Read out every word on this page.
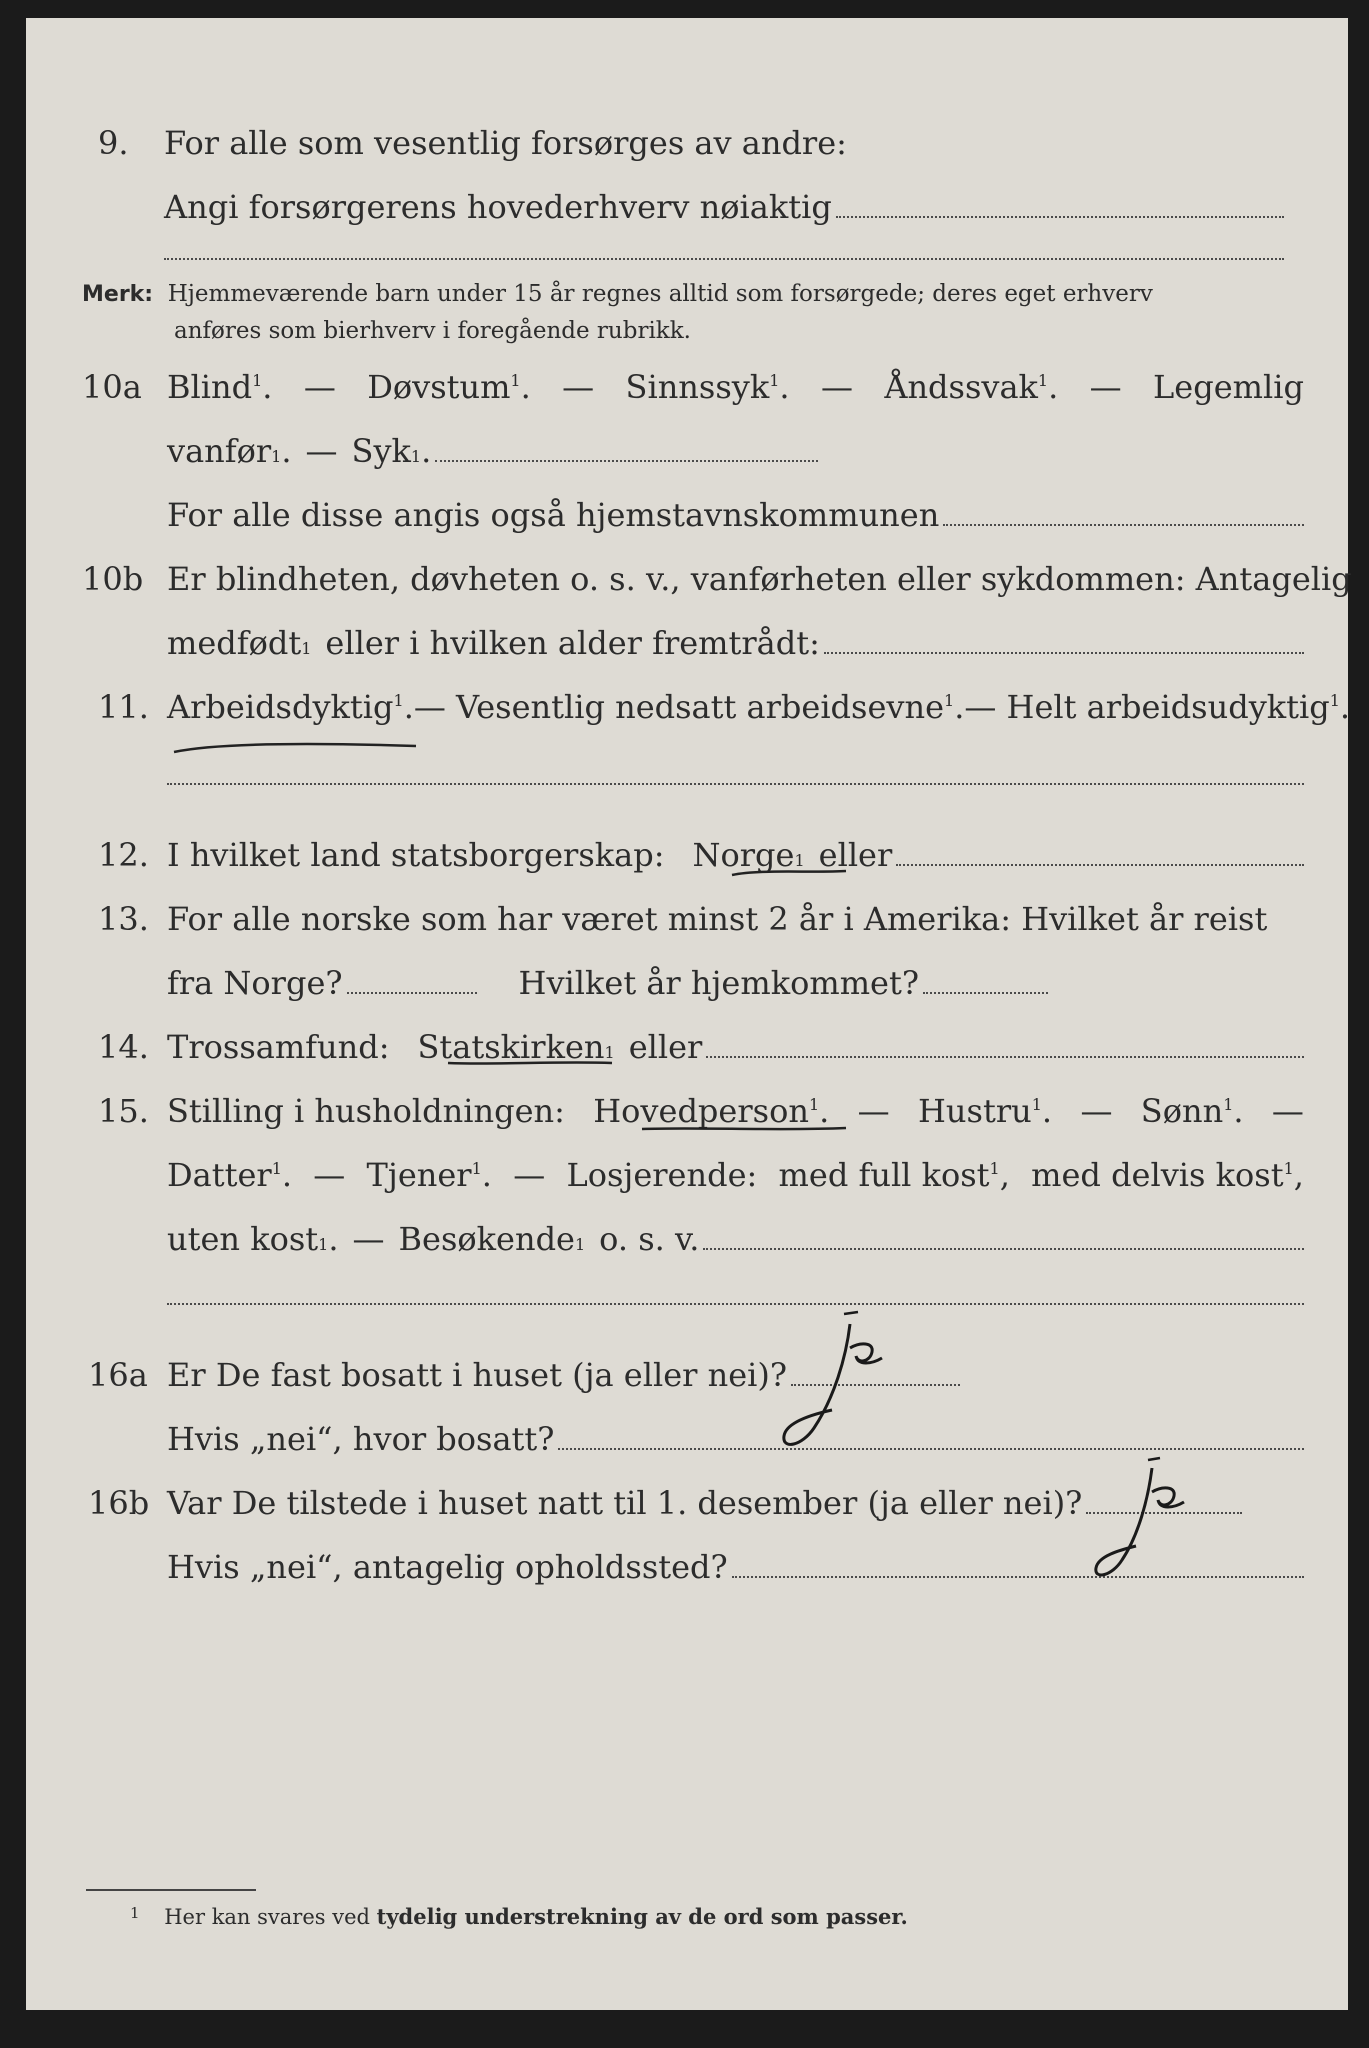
9. For alle som vesentlig forsørges av andre:
Angi forsørgerens hovederhverv nøiaktig
Merk: Hjemmeværende barn under 15 år regnes alltid som forsørgede; deres eget erhverv
anføres som bierhverv i foregående rubrikk.
10a Blind$^1$. — Døvstum$^1$. — Sinnssyk$^1$. — Åndssvak$^1$. — Legemlig
vanfør 1 . — Syk 1 .
For alle disse angis også hjemstavnskommunen
10b Er blindheten, døvheten o. s. v., vanførheten eller sykdommen: Antagelig
medfødt 1 eller i hvilken alder fremtrådt:
11. Arbeidsdyktig$^1$. — Vesentlig nedsatt arbeidsevne$^1$. — Helt arbeidsudyktig$^1$.
12. I hvilket land statsborgerskap: Norge 1 eller
13. For alle norske som har været minst 2 år i Amerika: Hvilket år reist
fra Norge?	Hvilket år hjemkommet?
14. Trossamfund: Statskirken 1 eller
15. Stilling i husholdningen: Hovedperson$^1$. — Hustru$^1$. — Sønn$^1$. —
Datter$^1$. — Tjener$^1$. — Losjerende: med full kost$^1$, med delvis kost$^1$,
uten kost 1 . — Besøkende 1 o. s. v.
16a Er De fast bosatt i huset (ja eller nei)?
Hvis „nei“, hvor bosatt?
16b Var De tilstede i huset natt til 1. desember (ja eller nei)?
Hvis „nei“, antagelig opholdssted?
$^1$ Her kan svares ved tydelig understrekning av de ord som passer.
